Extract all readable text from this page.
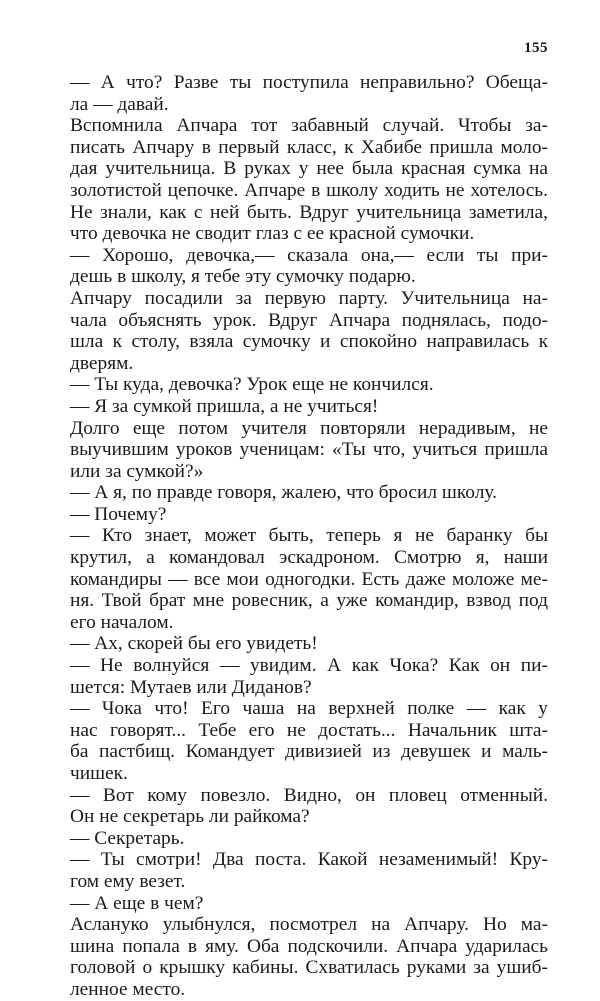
155
— А что? Разве ты поступила неправильно? Обеща-
ла — давай.
Вспомнила Апчара тот забавный случай. Чтобы за-
писать Апчару в первый класс, к Хабибе пришла моло-
дая учительница. В руках у нее была красная сумка на
золотистой цепочке. Апчаре в школу ходить не хотелось.
Не знали, как с ней быть. Вдруг учительница заметила,
что девочка не сводит глаз с ее красной сумочки.
— Хорошо, девочка,— сказала она,— если ты при-
дешь в школу, я тебе эту сумочку подарю.
Апчару посадили за первую парту. Учительница на-
чала объяснять урок. Вдруг Апчара поднялась, подо-
шла к столу, взяла сумочку и спокойно направилась к
дверям.
— Ты куда, девочка? Урок еще не кончился.
— Я за сумкой пришла, а не учиться!
Долго еще потом учителя повторяли нерадивым, не
выучившим уроков ученицам: «Ты что, учиться пришла
или за сумкой?»
— А я, по правде говоря, жалею, что бросил школу.
— Почему?
— Кто знает, может быть, теперь я не баранку бы
крутил, а командовал эскадроном. Смотрю я, наши
командиры — все мои одногодки. Есть даже моложе ме-
ня. Твой брат мне ровесник, а уже командир, взвод под
его началом.
— Ах, скорей бы его увидеть!
— Не волнуйся — увидим. А как Чока? Как он пи-
шется: Мутаев или Диданов?
— Чока что! Его чаша на верхней полке — как у
нас говорят... Тебе его не достать... Начальник шта-
ба пастбищ. Командует дивизией из девушек и маль-
чишек.
— Вот кому повезло. Видно, он пловец отменный.
Он не секретарь ли райкома?
— Секретарь.
— Ты смотри! Два поста. Какой незаменимый! Кру-
гом ему везет.
— А еще в чем?
Аслануко улыбнулся, посмотрел на Апчару. Но ма-
шина попала в яму. Оба подскочили. Апчара ударилась
головой о крышку кабины. Схватилась руками за ушиб-
ленное место.
